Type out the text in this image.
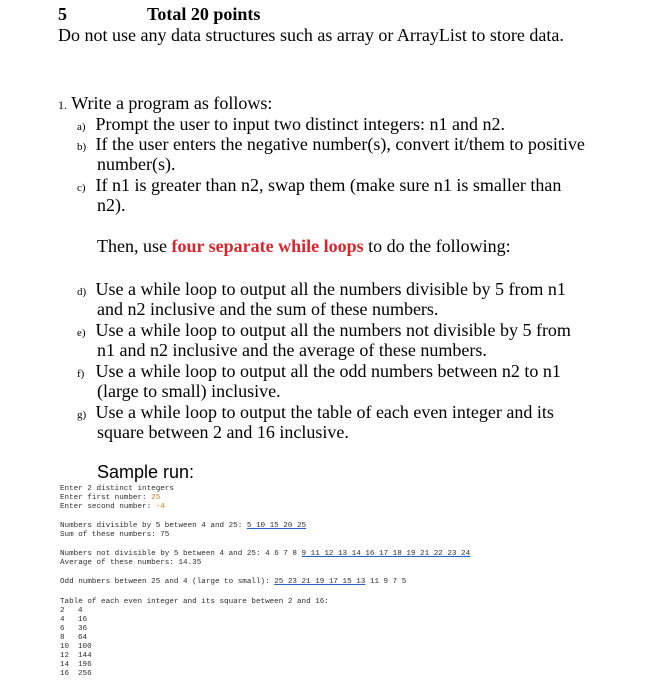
5	Total 20 points
Do not use any data structures such as array or ArrayList to store data.
1. Write a program as follows:
a) Prompt the user to input two distinct integers: n1 and n2.
b) If the user enters the negative number(s), convert it/them to positive
number(s).
c) If n1 is greater than n2, swap them (make sure n1 is smaller than
n2).
Then, use four separate while loops to do the following:
d) Use a while loop to output all the numbers divisible by 5 from n1
and n2 inclusive and the sum of these numbers.
e) Use a while loop to output all the numbers not divisible by 5 from
n1 and n2 inclusive and the average of these numbers.
f) Use a while loop to output all the odd numbers between n2 to n1
(large to small) inclusive.
g) Use a while loop to output the table of each even integer and its
square between 2 and 16 inclusive.
Sample run:
Enter 2 distinct integers
Enter first number: 25
Enter second number: -4
Numbers divisible by 5 between 4 and 25: 5 10 15 20 25
Sum of these numbers: 75
Numbers not divisible by 5 between 4 and 25: 4 6 7 8 9 11 12 13 14 16 17 18 19 21 22 23 24
Average of these numbers: 14.35
Odd numbers between 25 and 4 (large to small): 25 23 21 19 17 15 13 11 9 7 5
Table of each even integer and its square between 2 and 16:
2 4
4 16
6 36
8 64
10 100
12 144
14 196
16 256
